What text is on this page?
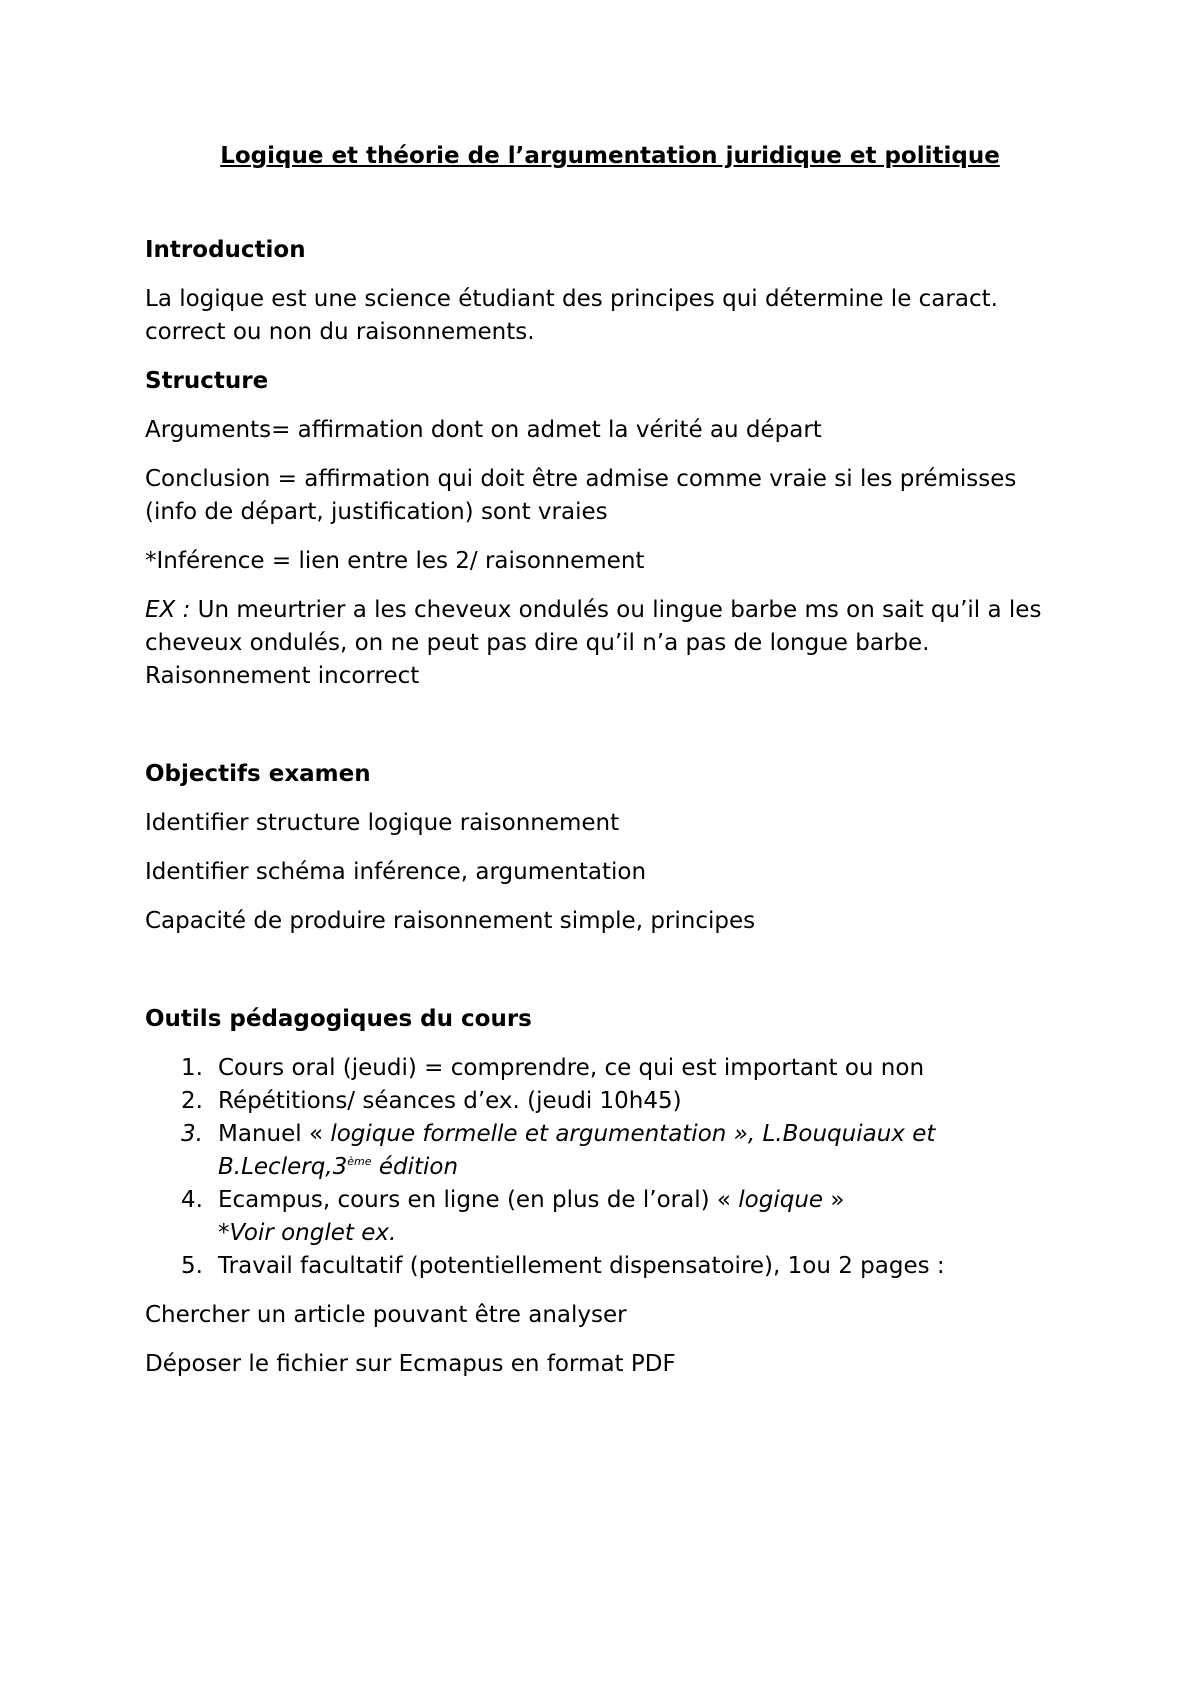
Logique et théorie de l’argumentation juridique et politique

Introduction

La logique est une science étudiant des principes qui détermine le caract. correct ou non du raisonnements.

Structure

Arguments= affirmation dont on admet la vérité au départ

Conclusion = affirmation qui doit être admise comme vraie si les prémisses (info de départ, justification) sont vraies

*Inférence = lien entre les 2/ raisonnement

EX : Un meurtrier a les cheveux ondulés ou lingue barbe ms on sait qu’il a les cheveux ondulés, on ne peut pas dire qu’il n’a pas de longue barbe. Raisonnement incorrect

Objectifs examen

Identifier structure logique raisonnement

Identifier schéma inférence, argumentation

Capacité de produire raisonnement simple, principes

Outils pédagogiques du cours

1. Cours oral (jeudi) = comprendre, ce qui est important ou non
2. Répétitions/ séances d’ex. (jeudi 10h45)
3. Manuel « logique formelle et argumentation », L.Bouquiaux et B.Leclerq,3ème édition
4. Ecampus, cours en ligne (en plus de l’oral) « logique »
*Voir onglet ex.
5. Travail facultatif (potentiellement dispensatoire), 1ou 2 pages :

Chercher un article pouvant être analyser

Déposer le fichier sur Ecmapus en format PDF
